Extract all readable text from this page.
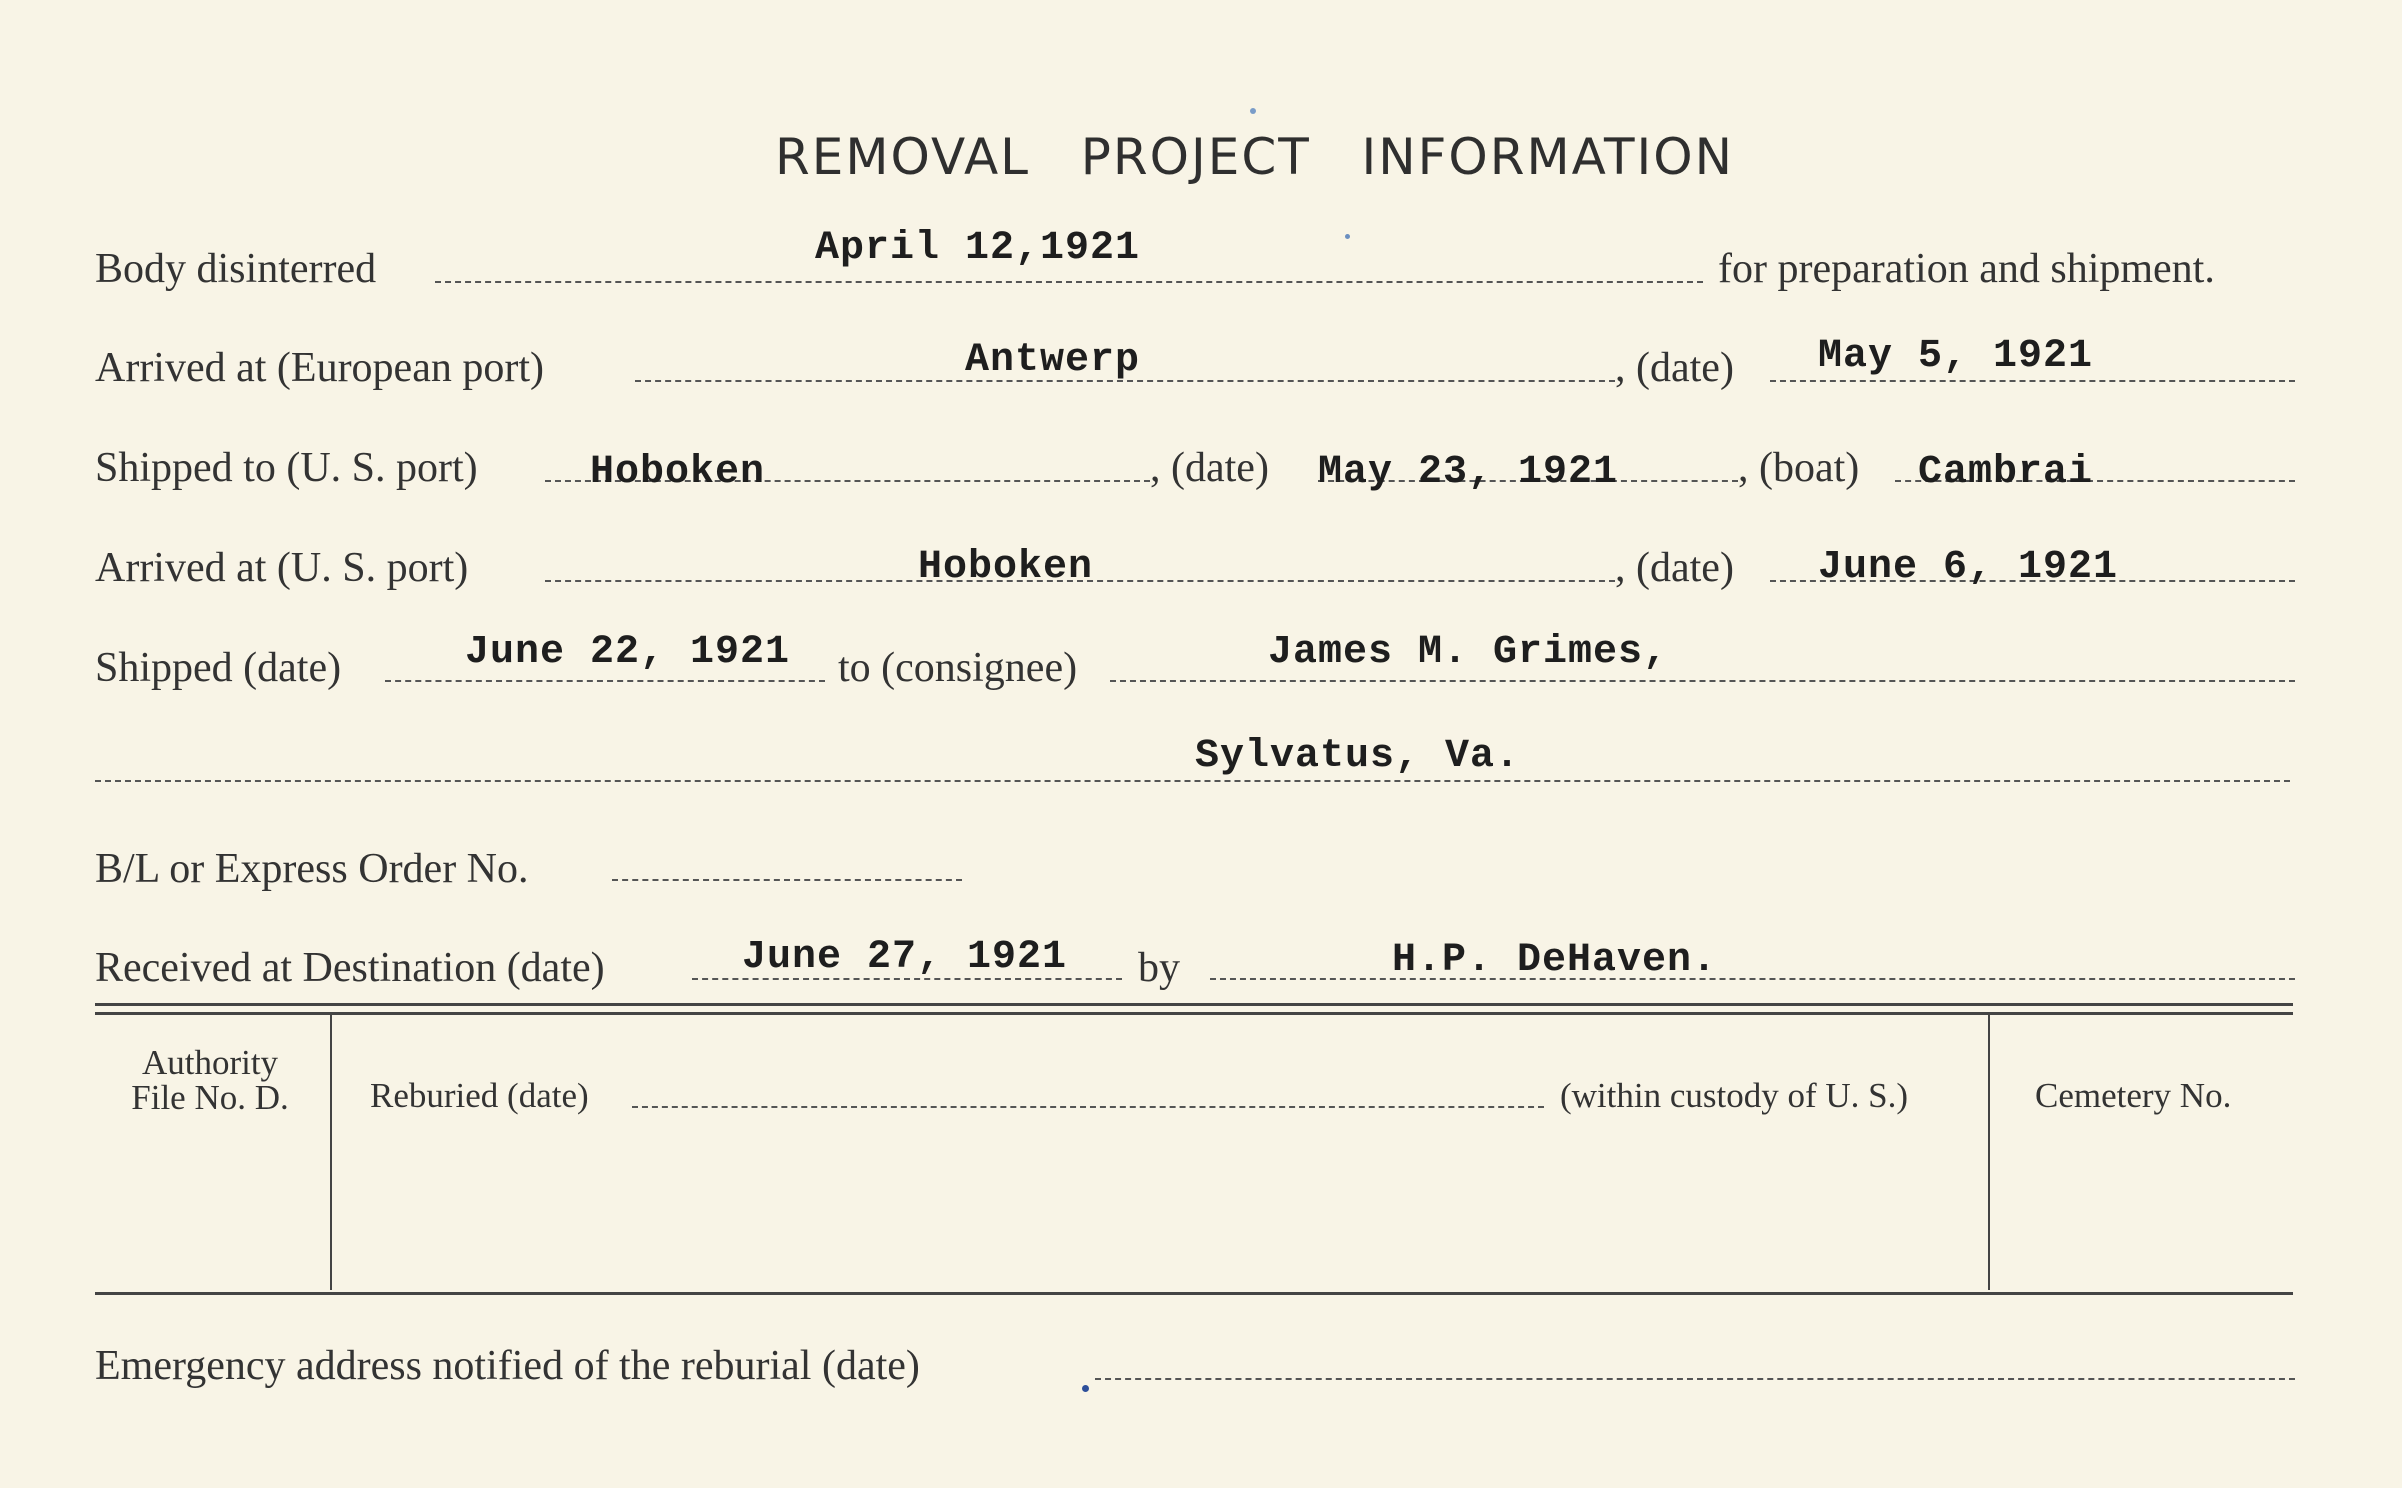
REMOVAL PROJECT INFORMATION
Body disinterred	April 12,1921	for preparation and shipment.
Arrived at (European port)	Antwerp	, (date) May 5, 1921
Shipped to (U. S. port)	Hoboken	, (date) May 23, 1921	, (boat) Cambrai
Arrived at (U. S. port)	Hoboken	, (date) June 6, 1921
Shipped (date)	June 22, 1921 to (consignee)	James M. Grimes,
Sylvatus, Va.
B/L or Express Order No.
Received at Destination (date)	June 27, 1921 by	H.P. DeHaven.
Authority
File No. D.	Reburied (date)	(within custody of U. S.)	Cemetery No.
Emergency address notified of the reburial (date)
